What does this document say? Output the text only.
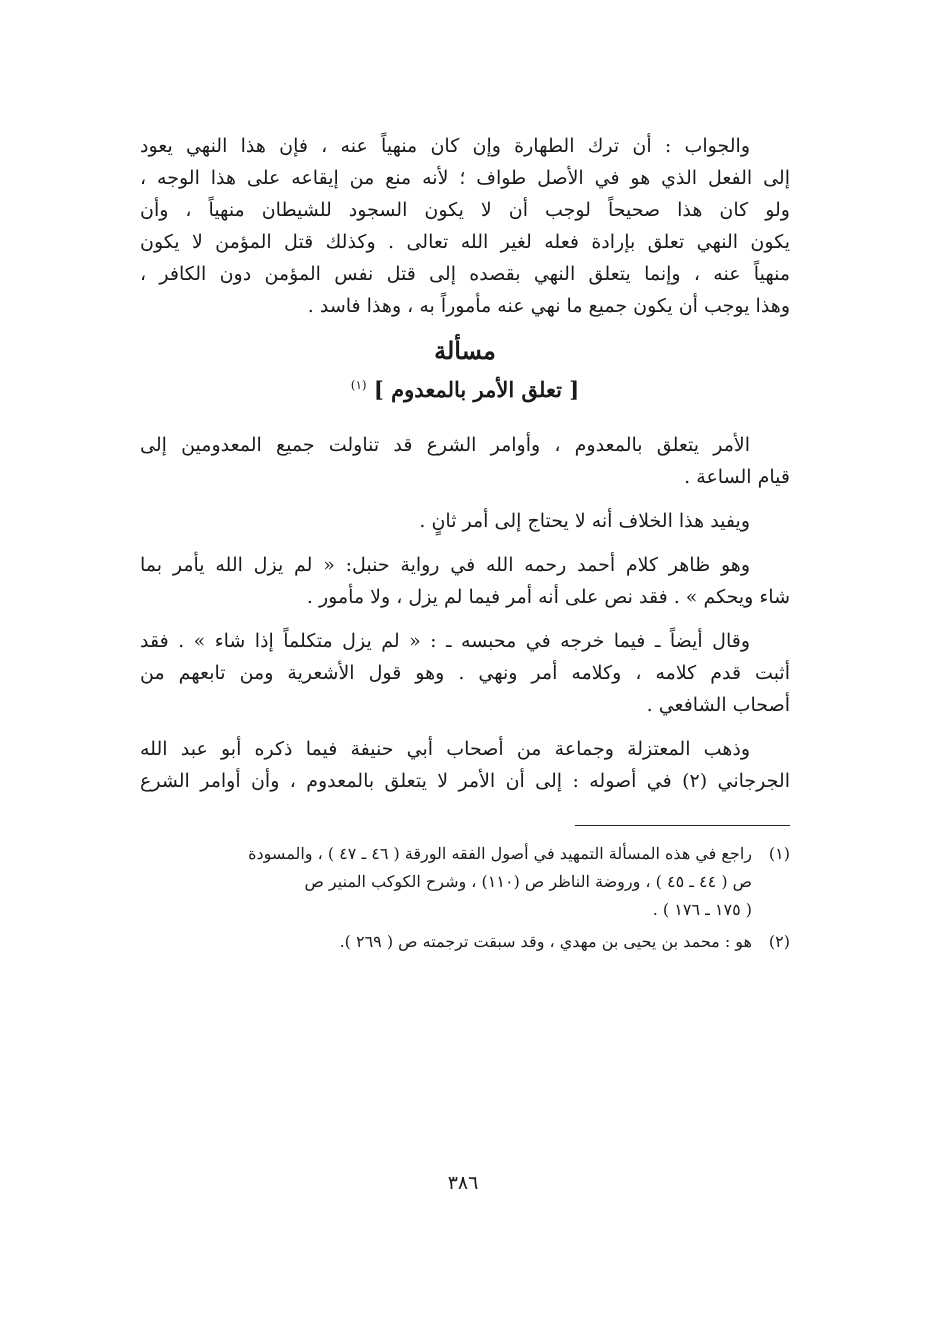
والجواب : أن ترك الطهارة وإن كان منهياً عنه ، فإن هذا النهي يعود
إلى الفعل الذي هو في الأصل طواف ؛ لأنه منع من إيقاعه على هذا الوجه ،
ولو كان هذا صحيحاً لوجب أن لا يكون السجود للشيطان منهياً ، وأن
يكون النهي تعلق بإرادة فعله لغير الله تعالى . وكذلك قتل المؤمن لا يكون
منهياً عنه ، وإنما يتعلق النهي بقصده إلى قتل نفس المؤمن دون الكافر ،
وهذا يوجب أن يكون جميع ما نهي عنه مأموراً به ، وهذا فاسد .
مسألة
[ تعلق الأمر بالمعدوم ] $^{(١)}$
الأمر يتعلق بالمعدوم ، وأوامر الشرع قد تناولت جميع المعدومين إلى
قيام الساعة .
ويفيد هذا الخلاف أنه لا يحتاج إلى أمر ثانٍ .
وهو ظاهر كلام أحمد رحمه الله في رواية حنبل: « لم يزل الله يأمر بما
شاء ويحكم » . فقد نص على أنه أمر فيما لم يزل ، ولا مأمور .
وقال أيضاً ـ فيما خرجه في محبسه ـ : « لم يزل متكلماً إذا شاء » . فقد
أثبت قدم كلامه ، وكلامه أمر ونهي . وهو قول الأشعرية ومن تابعهم من
أصحاب الشافعي .
وذهب المعتزلة وجماعة من أصحاب أبي حنيفة فيما ذكره أبو عبد الله
الجرجاني (٢) في أصوله : إلى أن الأمر لا يتعلق بالمعدوم ، وأن أوامر الشرع
(١)راجع في هذه المسألة التمهيد في أصول الفقه الورقة ( ٤٦ ـ ٤٧ ) ، والمسودة
ص ( ٤٤ ـ ٤٥ ) ، وروضة الناظر ص (١١٠) ، وشرح الكوكب المنير ص
( ١٧٥ ـ ١٧٦ ) .
(٢)هو : محمد بن يحيى بن مهدي ، وقد سبقت ترجمته ص ( ٢٦٩ ).
٣٨٦
